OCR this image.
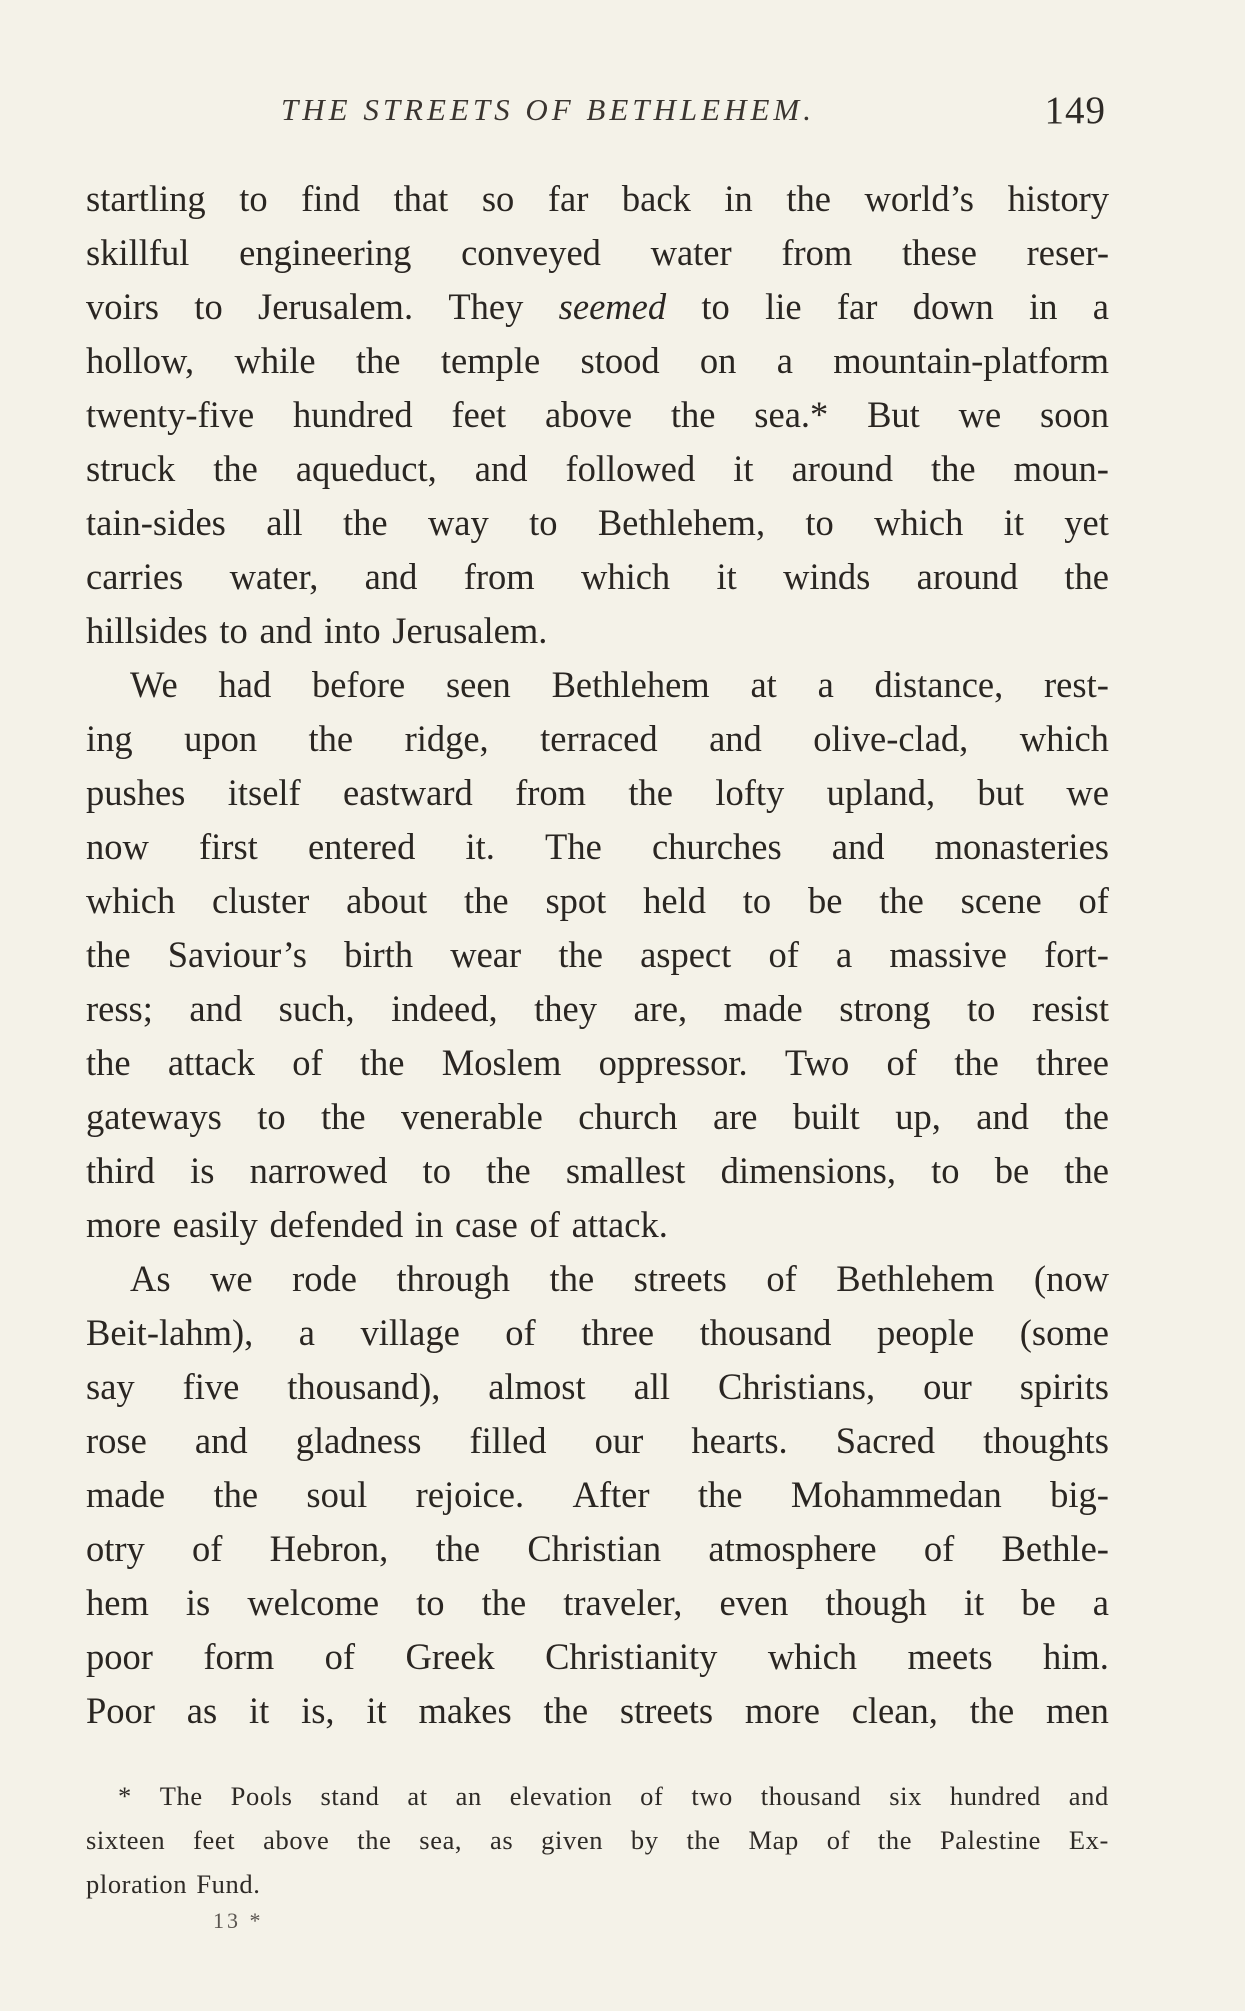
THE STREETS OF BETHLEHEM.	149
startling to find that so far back in the world’s history
skillful engineering conveyed water from these reser-
voirs to Jerusalem. They seemed to lie far down in a
hollow, while the temple stood on a mountain-platform
twenty-five hundred feet above the sea.* But we soon
struck the aqueduct, and followed it around the moun-
tain-sides all the way to Bethlehem, to which it yet
carries water, and from which it winds around the
hillsides to and into Jerusalem.
We had before seen Bethlehem at a distance, rest-
ing upon the ridge, terraced and olive-clad, which
pushes itself eastward from the lofty upland, but we
now first entered it. The churches and monasteries
which cluster about the spot held to be the scene of
the Saviour’s birth wear the aspect of a massive fort-
ress; and such, indeed, they are, made strong to resist
the attack of the Moslem oppressor. Two of the three
gateways to the venerable church are built up, and the
third is narrowed to the smallest dimensions, to be the
more easily defended in case of attack.
As we rode through the streets of Bethlehem (now
Beit-lahm), a village of three thousand people (some
say five thousand), almost all Christians, our spirits
rose and gladness filled our hearts. Sacred thoughts
made the soul rejoice. After the Mohammedan big-
otry of Hebron, the Christian atmosphere of Bethle-
hem is welcome to the traveler, even though it be a
poor form of Greek Christianity which meets him.
Poor as it is, it makes the streets more clean, the men
* The Pools stand at an elevation of two thousand six hundred and
sixteen feet above the sea, as given by the Map of the Palestine Ex-
ploration Fund.
13 *
